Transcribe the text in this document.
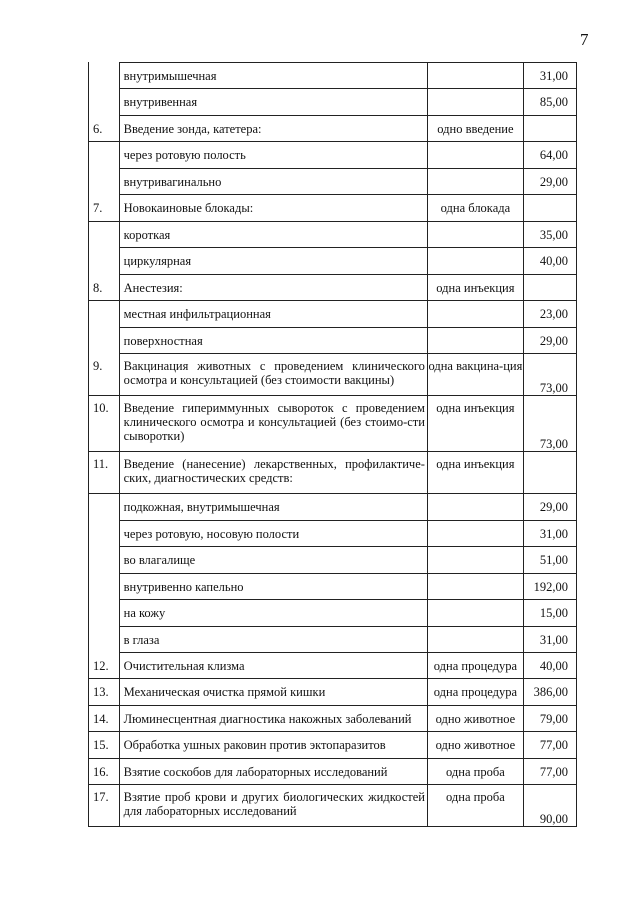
7
	внутримышечная		31,00
	внутривенная		85,00
6.	Введение зонда, катетера:	одно введение	
	через ротовую полость		64,00
	внутривагинально		29,00
7.	Новокаиновые блокады:	одна блокада	
	короткая		35,00
	циркулярная		40,00
8.	Анестезия:	одна инъекция	
	местная инфильтрационная		23,00
	поверхностная		29,00
9.	Вакцинация животных с проведением клинического осмотра и консультацией (без стоимости вакцины)	одна вакцина-ция	73,00
10.	Введение гипериммунных сывороток с проведением клинического осмотра и консультацией (без стоимо-сти сыворотки)	одна инъекция	73,00
11.	Введение (нанесение) лекарственных, профилактиче-ских, диагностических средств:	одна инъекция	
	подкожная, внутримышечная		29,00
	через ротовую, носовую полости		31,00
	во влагалище		51,00
	внутривенно капельно		192,00
	на кожу		15,00
	в глаза		31,00
12.	Очистительная клизма	одна процедура	40,00
13.	Механическая очистка прямой кишки	одна процедура	386,00
14.	Люминесцентная диагностика накожных заболеваний	одно животное	79,00
15.	Обработка ушных раковин против эктопаразитов	одно животное	77,00
16.	Взятие соскобов для лабораторных исследований	одна проба	77,00
17.	Взятие проб крови и других биологических жидкостей для лабораторных исследований	одна проба	90,00
